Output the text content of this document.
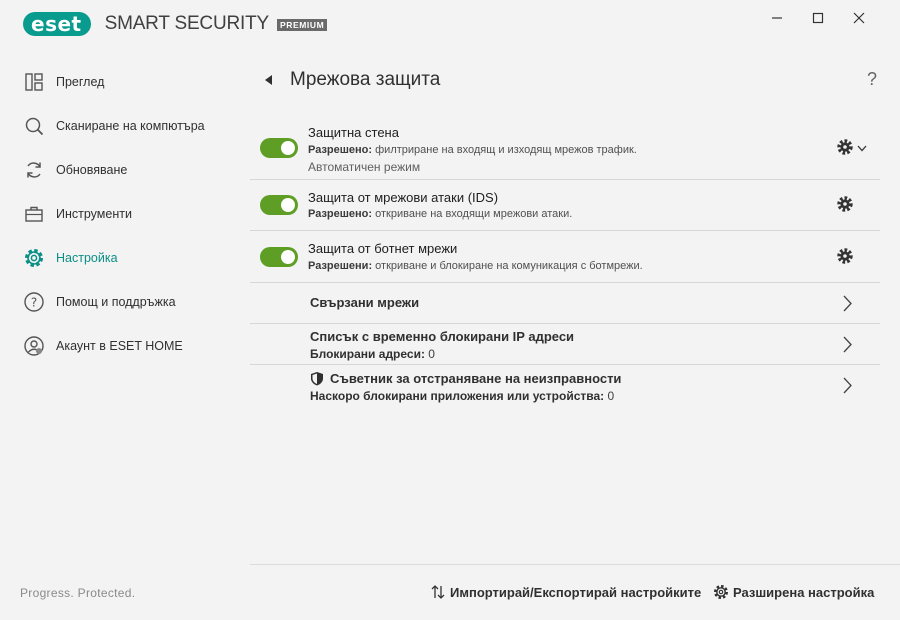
eset	SMART SECURITY	PREMIUM
Преглед
Сканиране на компютъра
Обновяване
Инструменти
Настройка
? Помощ и поддръжка
Акаунт в ESET HOME
Progress. Protected.
Мрежова защита	?
Защитна стена
Разрешено: филтриране на входящ и изходящ мрежов трафик.
Автоматичен режим
Защита от мрежови атаки (IDS)
Разрешено: откриване на входящи мрежови атаки.
Защита от ботнет мрежи
Разрешени: откриване и блокиране на комуникация с ботмрежи.
Свързани мрежи
Списък с временно блокирани IP адреси
Блокирани адреси: 0
Съветник за отстраняване на неизправности
Наскоро блокирани приложения или устройства: 0
Импортирай/Експортирай настройките Разширена настройка
